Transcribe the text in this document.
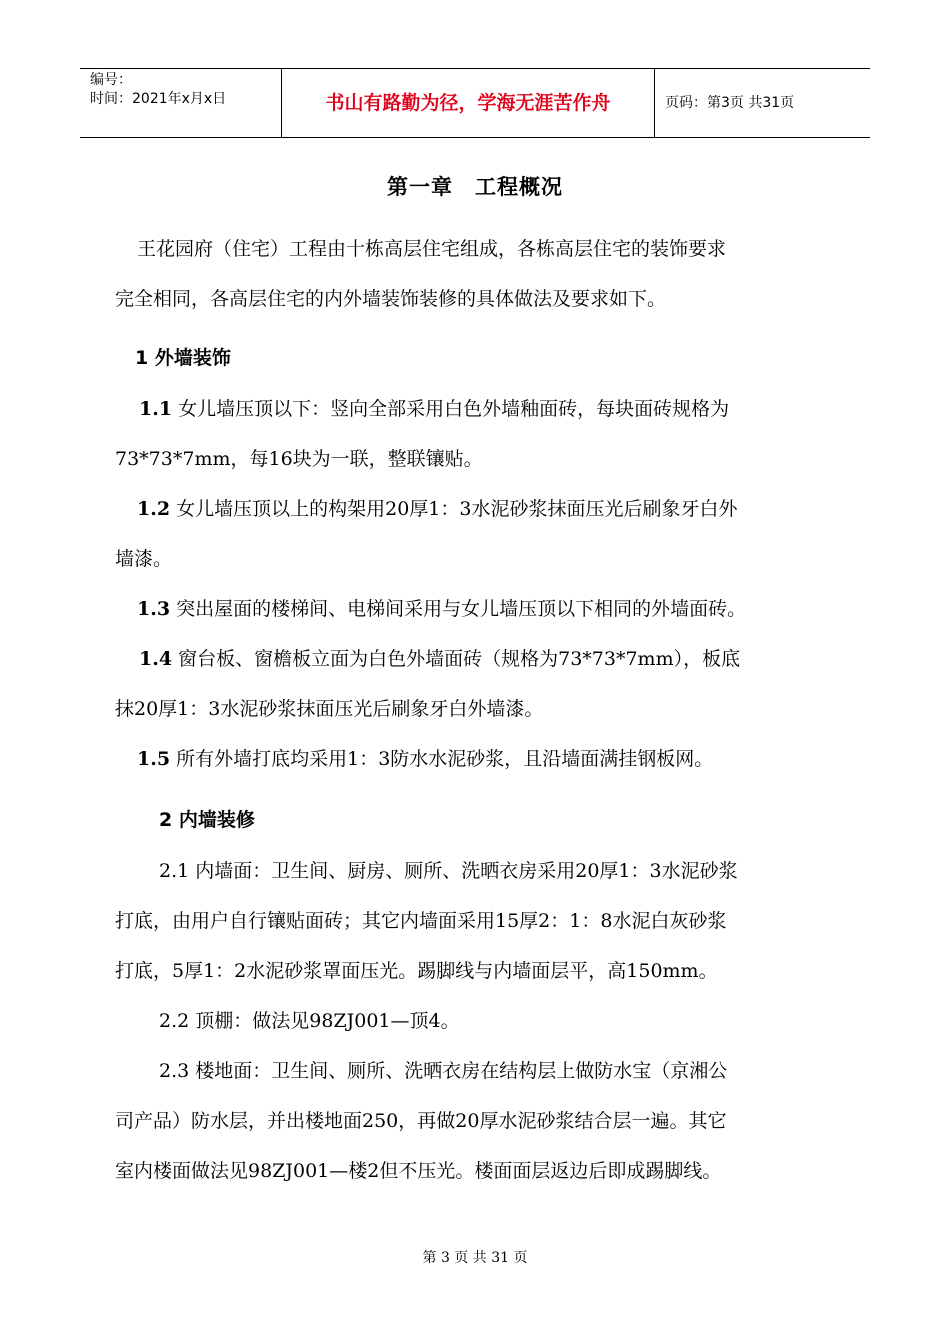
编号：
时间：2021年x月x日	书山有路勤为径，学海无涯苦作舟	页码：第3页 共31页
第一章　工程概况
王花园府（住宅）工程由十栋高层住宅组成，各栋高层住宅的装饰要求
完全相同，各高层住宅的内外墙装饰装修的具体做法及要求如下。
1 外墙装饰
1.1 女儿墙压顶以下：竖向全部采用白色外墙釉面砖，每块面砖规格为
73*73*7mm，每16块为一联，整联镶贴。
1.2 女儿墙压顶以上的构架用20厚1：3水泥砂浆抹面压光后刷象牙白外
墙漆。
1.3 突出屋面的楼梯间、电梯间采用与女儿墙压顶以下相同的外墙面砖。
1.4 窗台板、窗檐板立面为白色外墙面砖（规格为73*73*7mm），板底
抹20厚1：3水泥砂浆抹面压光后刷象牙白外墙漆。
1.5 所有外墙打底均采用1：3防水水泥砂浆，且沿墙面满挂钢板网。
2 内墙装修
2.1 内墙面：卫生间、厨房、厕所、洗晒衣房采用20厚1：3水泥砂浆
打底，由用户自行镶贴面砖；其它内墙面采用15厚2：1：8水泥白灰砂浆
打底，5厚1：2水泥砂浆罩面压光。踢脚线与内墙面层平，高150mm。
2.2 顶棚：做法见98ZJ001—顶4。
2.3 楼地面：卫生间、厕所、洗晒衣房在结构层上做防水宝（京湘公
司产品）防水层，并出楼地面250，再做20厚水泥砂浆结合层一遍。其它
室内楼面做法见98ZJ001—楼2但不压光。楼面面层返边后即成踢脚线。
第 3 页 共 31 页
